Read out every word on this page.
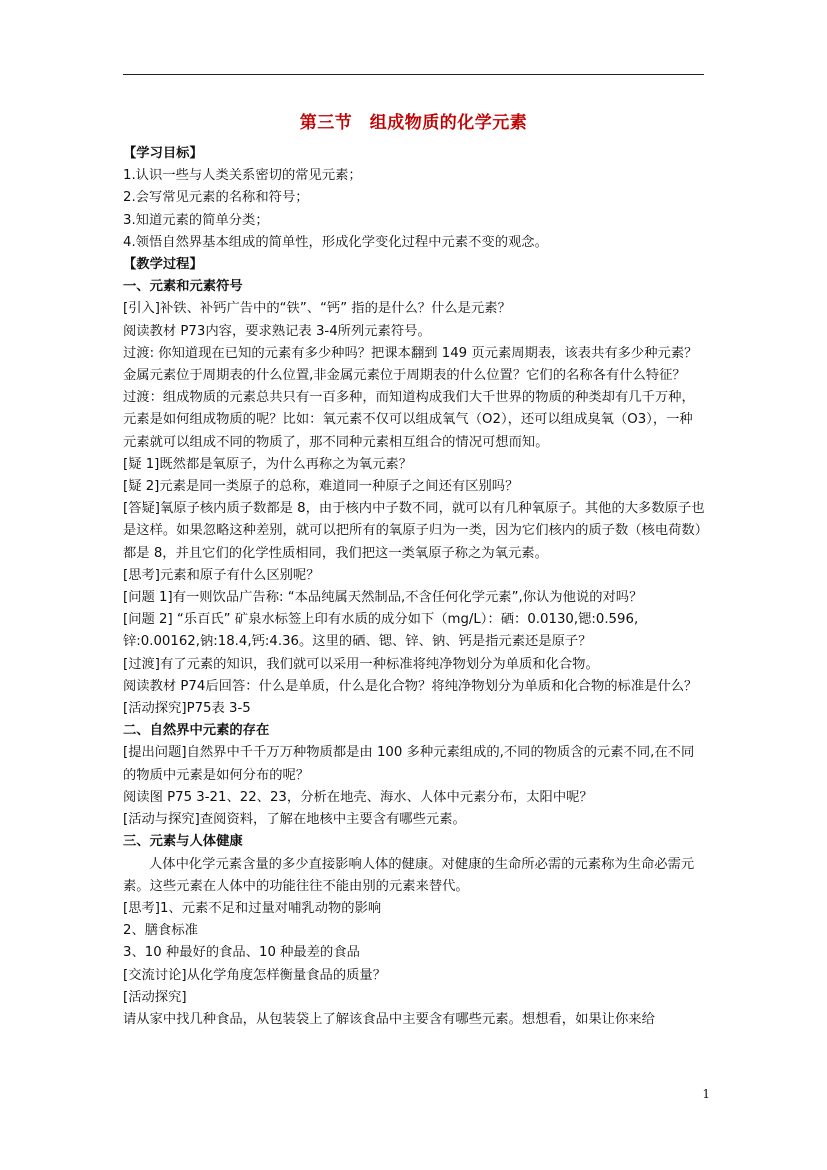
第三节　组成物质的化学元素

【学习目标】

1.认识一些与人类关系密切的常见元素；

2.会写常见元素的名称和符号；

3.知道元素的简单分类；

4.领悟自然界基本组成的简单性，形成化学变化过程中元素不变的观念。

【教学过程】

一、元素和元素符号

[引入]补铁、补钙广告中的“铁”、“钙” 指的是什么？什么是元素？

阅读教材 P73内容，要求熟记表 3-4所列元素符号。

过渡: 你知道现在已知的元素有多少种吗？把课本翻到 149 页元素周期表，该表共有多少种元素？金属元素位于周期表的什么位置,非金属元素位于周期表的什么位置？它们的名称各有什么特征？

过渡：组成物质的元素总共只有一百多种，而知道构成我们大千世界的物质的种类却有几千万种，元素是如何组成物质的呢？比如：氧元素不仅可以组成氧气（O2），还可以组成臭氧（O3），一种元素就可以组成不同的物质了，那不同种元素相互组合的情况可想而知。

[疑 1]既然都是氧原子，为什么再称之为氧元素？

[疑 2]元素是同一类原子的总称，难道同一种原子之间还有区别吗？

[答疑]氧原子核内质子数都是 8，由于核内中子数不同，就可以有几种氧原子。其他的大多数原子也是这样。如果忽略这种差别，就可以把所有的氧原子归为一类，因为它们核内的质子数（核电荷数）都是 8，并且它们的化学性质相同，我们把这一类氧原子称之为氧元素。

[思考]元素和原子有什么区别呢？

[问题 1]有一则饮品广告称: “本品纯属天然制品,不含任何化学元素”,你认为他说的对吗？

[问题 2] “乐百氏” 矿泉水标签上印有水质的成分如下（mg/L）：硒：0.0130,锶:0.596,锌:0.00162,钠:18.4,钙:4.36。这里的硒、锶、锌、钠、钙是指元素还是原子？

[过渡]有了元素的知识，我们就可以采用一种标准将纯净物划分为单质和化合物。

阅读教材 P74后回答：什么是单质，什么是化合物？将纯净物划分为单质和化合物的标准是什么？

[活动探究]P75表 3-5

二、自然界中元素的存在

[提出问题]自然界中千千万万种物质都是由 100 多种元素组成的,不同的物质含的元素不同,在不同的物质中元素是如何分布的呢？

阅读图 P75 3-21、22、23，分析在地壳、海水、人体中元素分布，太阳中呢？

[活动与探究]查阅资料，了解在地核中主要含有哪些元素。

三、元素与人体健康

人体中化学元素含量的多少直接影响人体的健康。对健康的生命所必需的元素称为生命必需元素。这些元素在人体中的功能往往不能由别的元素来替代。

[思考]1、元素不足和过量对哺乳动物的影响

2、膳食标准

3、10 种最好的食品、10 种最差的食品

[交流讨论]从化学角度怎样衡量食品的质量？

[活动探究]

请从家中找几种食品，从包装袋上了解该食品中主要含有哪些元素。想想看，如果让你来给

1
